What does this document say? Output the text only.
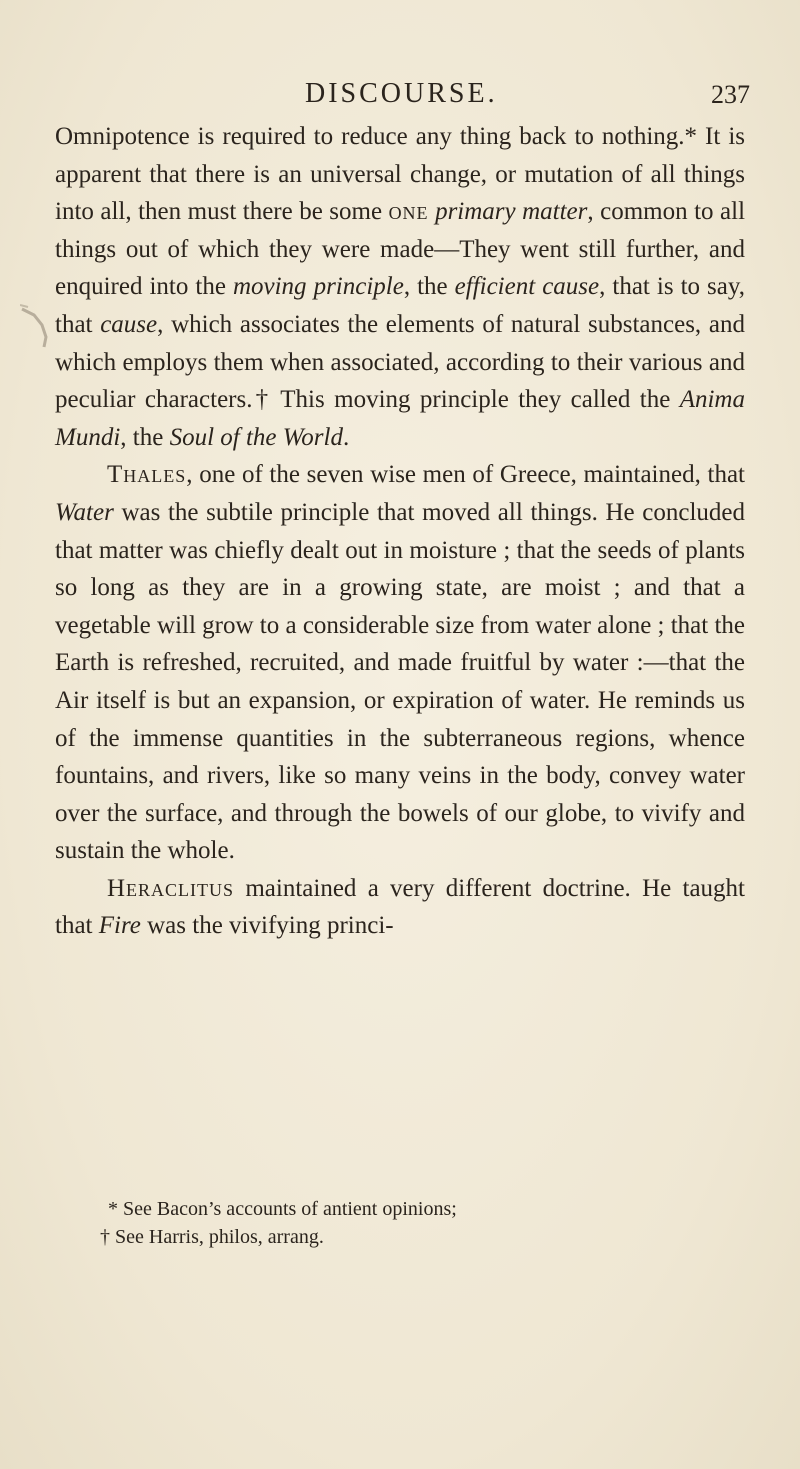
DISCOURSE.	237

Omnipotence is required to reduce any thing back to nothing.* It is apparent that there is an universal change, or mutation of all things into all, then must there be some one primary matter, common to all things out of which they were made—They went still further, and enquired into the moving principle, the efficient cause, that is to say, that cause, which associates the elements of natural substances, and which employs them when associated, according to their various and peculiar characters.† This moving principle they called the Anima Mundi, the Soul of the World.

Thales, one of the seven wise men of Greece, maintained, that Water was the subtile principle that moved all things. He concluded that matter was chiefly dealt out in moisture ; that the seeds of plants so long as they are in a growing state, are moist ; and that a vegetable will grow to a considerable size from water alone ; that the Earth is refreshed, recruited, and made fruitful by water :—that the Air itself is but an expansion, or expiration of water. He reminds us of the immense quantities in the subterraneous regions, whence fountains, and rivers, like so many veins in the body, convey water over the surface, and through the bowels of our globe, to vivify and sustain the whole.

Heraclitus maintained a very different doctrine. He taught that Fire was the vivifying princi-

* See Bacon’s accounts of antient opinions;

† See Harris, philos, arrang.
